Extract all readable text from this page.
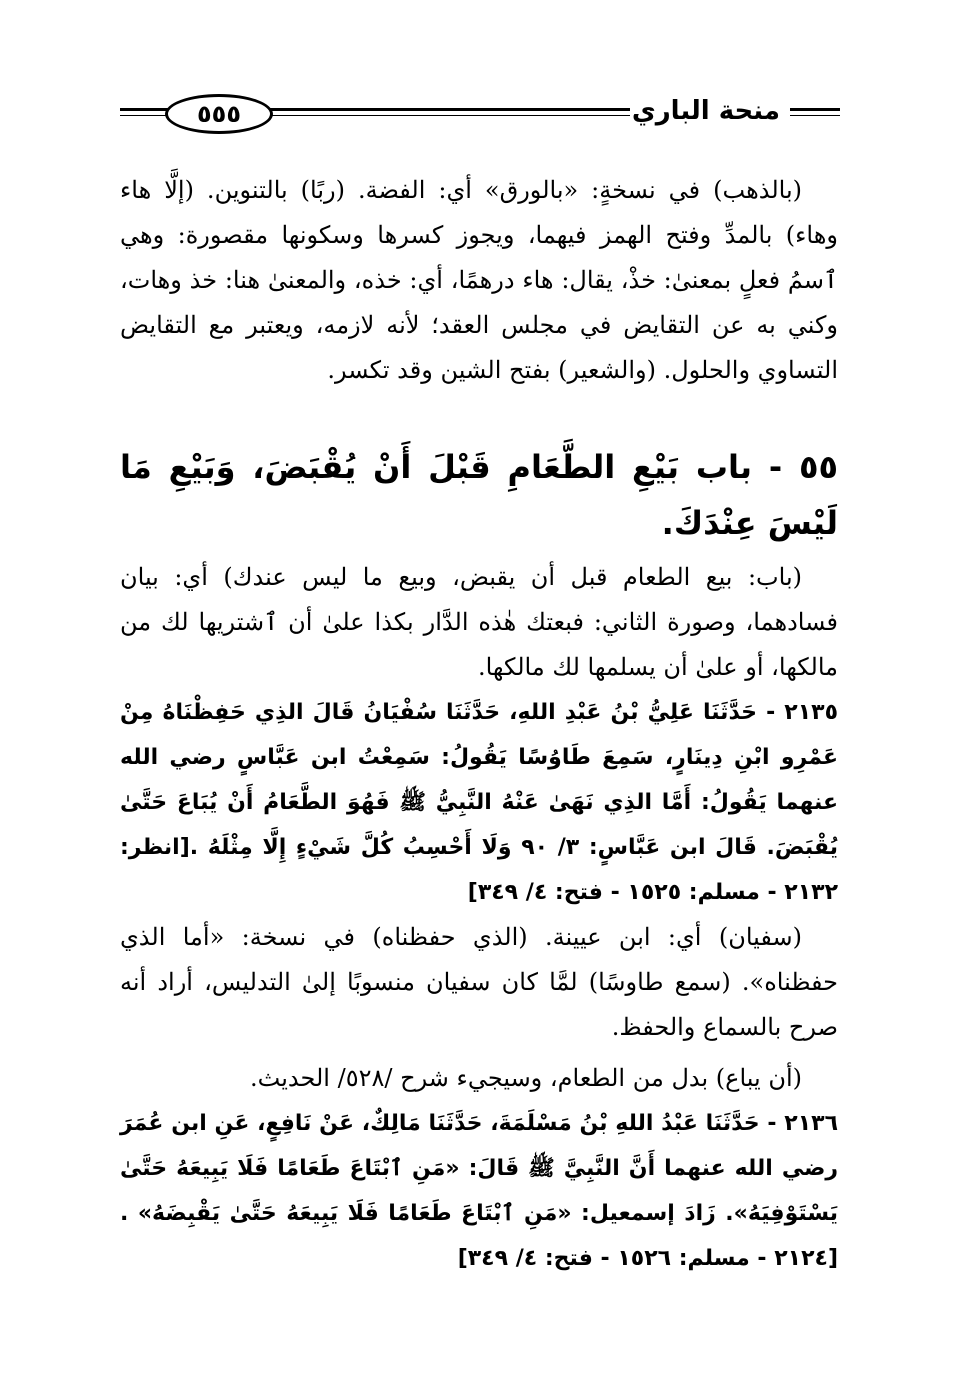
منحة الباري
٥٥٥

(بالذهب) في نسخةٍ: «بالورق» أي: الفضة. (ربًا) بالتنوين. (إلَّا هاء وهاء) بالمدِّ وفتح الهمز فيهما، ويجوز كسرها وسكونها مقصورة: وهي ٱسمُ فعلٍ بمعنىٰ: خذْ، يقال: هاء درهمًا، أي: خذه، والمعنىٰ هنا: خذ وهات، وكني به عن التقايض في مجلس العقد؛ لأنه لازمه، ويعتبر مع التقايض التساوي والحلول. (والشعير) بفتح الشين وقد تكسر.

٥٥ - باب بَيْعِ الطَّعَامِ قَبْلَ أَنْ يُقْبَضَ، وَبَيْعِ مَا لَيْسَ عِنْدَكَ.

(باب: بيع الطعام قبل أن يقبض، وبيع ما ليس عندك) أي: بيان فسادهما، وصورة الثاني: فبعتك هٰذه الدَّار بكذا علىٰ أن ٱشتريها لك من مالكها، أو علىٰ أن يسلمها لك مالكها.

٢١٣٥ - حَدَّثَنَا عَلِيُّ بْنُ عَبْدِ اللهِ، حَدَّثَنَا سُفْيَانُ قَالَ الذِي حَفِظْنَاهُ مِنْ عَمْرِو ابْنِ دِينَارٍ، سَمِعَ طَاوُسًا يَقُولُ: سَمِعْتُ ابن عَبَّاسٍ رضي الله عنهما يَقُولُ: أَمَّا الذِي نَهَىٰ عَنْهُ النَّبِيُّ ﷺ فَهُوَ الطَّعَامُ أَنْ يُبَاعَ حَتَّىٰ يُقْبَضَ. قَالَ ابن عَبَّاسٍ: ٣/ ٩٠ وَلَا أَحْسِبُ كُلَّ شَيْءٍ إِلَّا مِثْلَهُ .[انظر: ٢١٣٢ - مسلم: ١٥٢٥ - فتح: ٤/ ٣٤٩]

(سفيان) أي: ابن عيينة. (الذي حفظناه) في نسخة: «أما الذي حفظناه». (سمع طاوسًا) لمَّا كان سفيان منسوبًا إلىٰ التدليس، أراد أنه صرح بالسماع والحفظ.

(أن يباع) بدل من الطعام، وسيجيء شرح /٥٢٨/ الحديث.

٢١٣٦ - حَدَّثَنَا عَبْدُ اللهِ بْنُ مَسْلَمَةَ، حَدَّثَنَا مَالِكٌ، عَنْ نَافِعٍ، عَنِ ابن عُمَرَ رضي الله عنهما أَنَّ النَّبِيَّ ﷺ قَالَ: «مَنِ ٱبْتَاعَ طَعَامًا فَلَا يَبِيعَهُ حَتَّىٰ يَسْتَوْفِيَهُ». زَادَ إسمعيل: «مَنِ ٱبْتَاعَ طَعَامًا فَلَا يَبِيعَهُ حَتَّىٰ يَقْبِضَهُ» .[٢١٢٤ - مسلم: ١٥٢٦ - فتح: ٤/ ٣٤٩]
